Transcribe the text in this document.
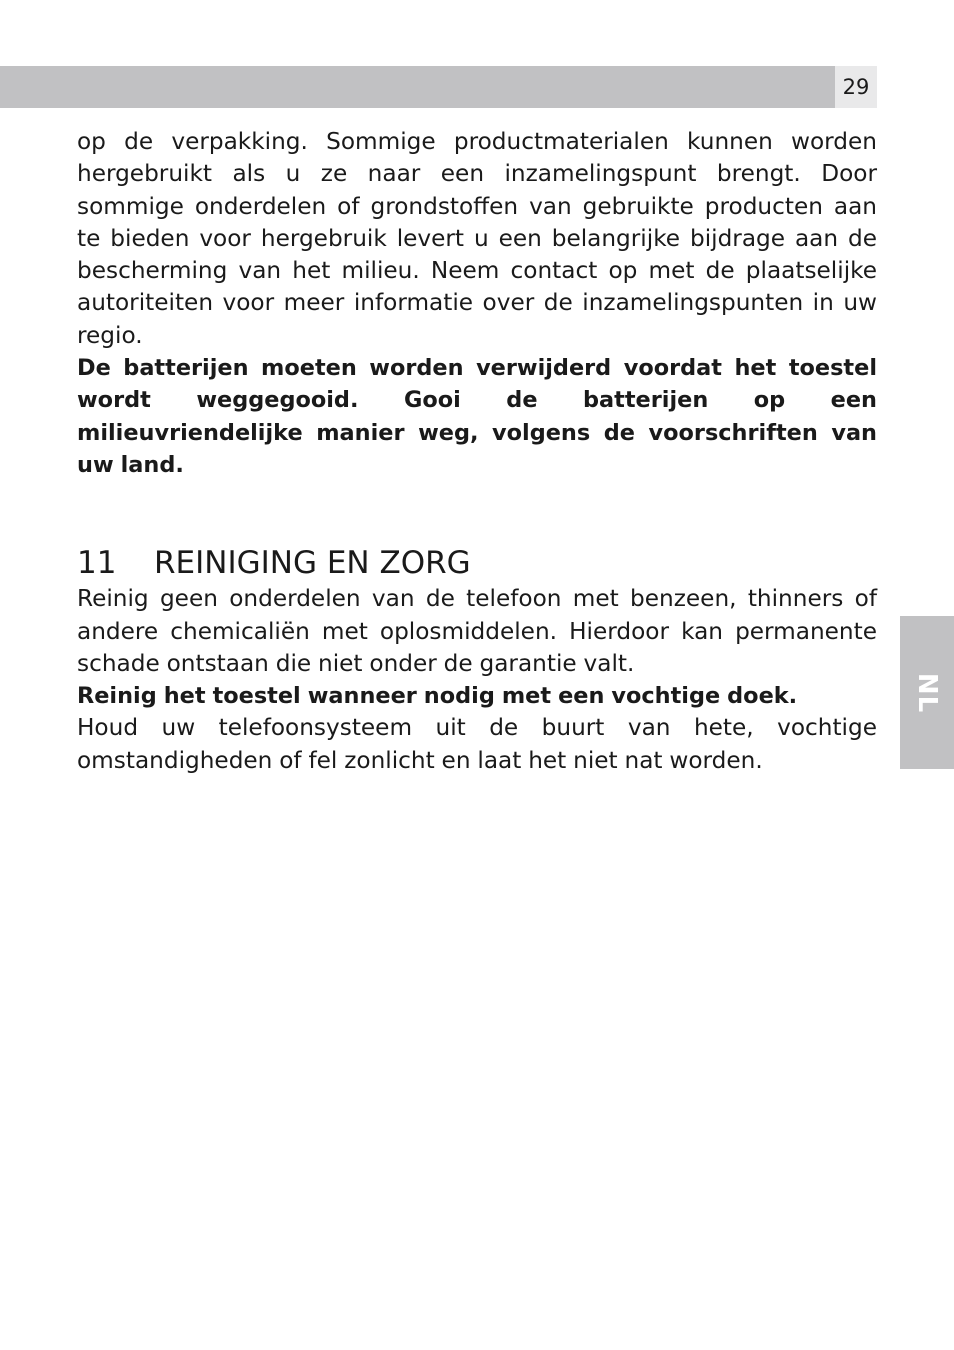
29
NL

op de verpakking. Sommige productmaterialen kunnen worden hergebruikt als u ze naar een inzamelingspunt brengt. Door sommige onderdelen of grondstoffen van gebruikte producten aan te bieden voor hergebruik levert u een belangrijke bijdrage aan de bescherming van het milieu. Neem contact op met de plaatselijke autoriteiten voor meer informatie over de inzamelingspunten in uw regio.

De batterijen moeten worden verwijderd voordat het toestel wordt weggegooid. Gooi de batterijen op een milieuvriendelijke manier weg, volgens de voorschriften van uw land.

11	REINIGING EN ZORG

Reinig geen onderdelen van de telefoon met benzeen, thinners of andere chemicaliën met oplosmiddelen. Hierdoor kan permanente schade ontstaan die niet onder de garantie valt.

Reinig het toestel wanneer nodig met een vochtige doek.

Houd uw telefoonsysteem uit de buurt van hete, vochtige omstandigheden of fel zonlicht en laat het niet nat worden.
